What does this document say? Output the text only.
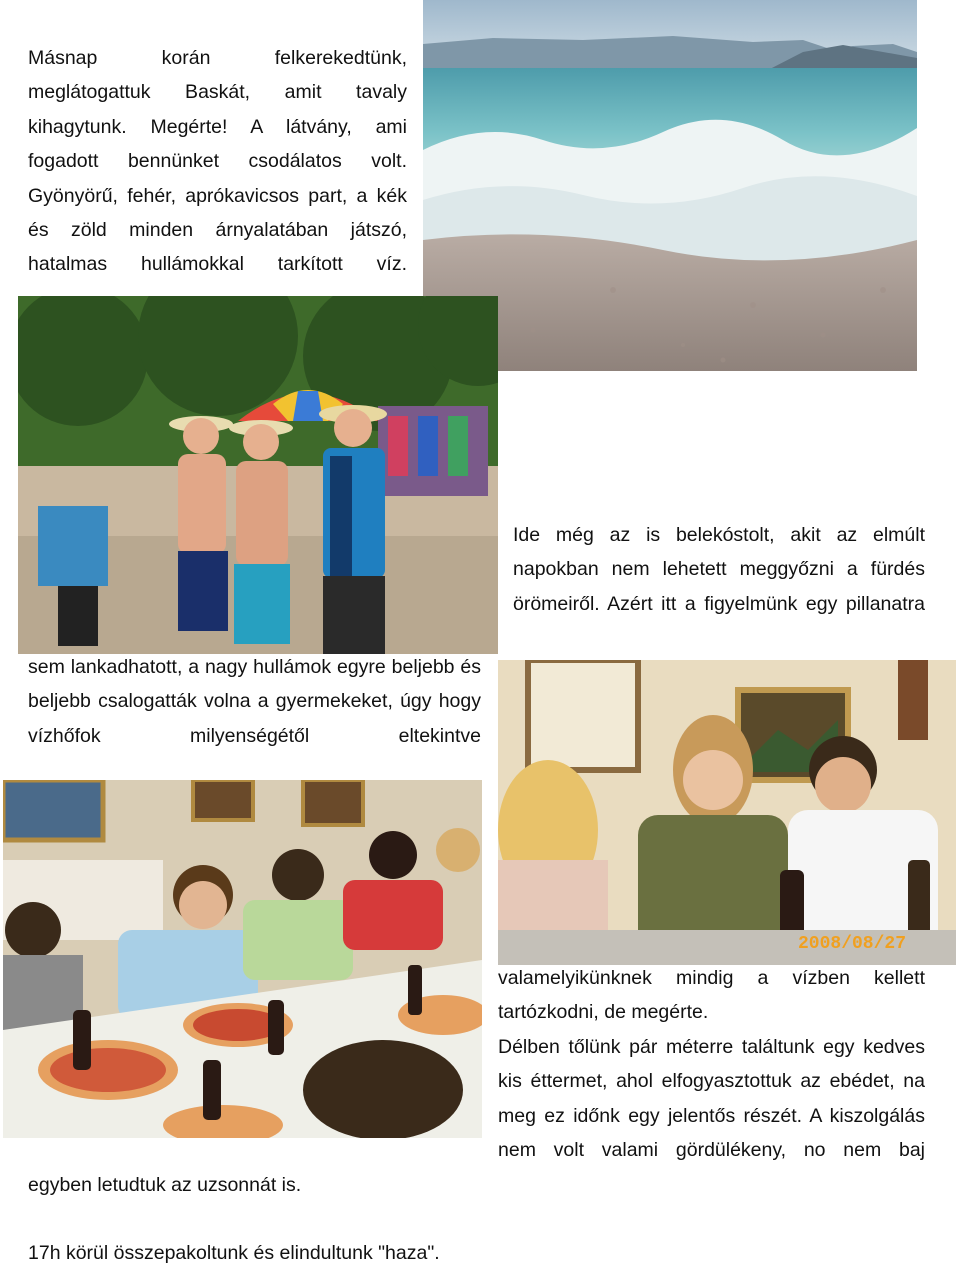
Másnap korán felkerekedtünk, meglátogattuk Baskát, amit tavaly kihagytunk. Megérte! A látvány, ami fogadott bennünket csodálatos volt. Gyönyörű, fehér, aprókavicsos part, a kék és zöld minden árnyalatában játszó, hatalmas hullámokkal tarkított víz.

Ide még az is belekóstolt, akit az elmúlt napokban nem lehetett meggyőzni a fürdés örömeiről. Azért itt a figyelmünk egy pillanatra

sem lankadhatott, a nagy hullámok egyre beljebb és beljebb csalogatták volna a gyermekeket, úgy hogy vízhőfok milyenségétől eltekintve

valamelyikünknek mindig a vízben kellett tartózkodni, de megérte.

Délben tőlünk pár méterre találtunk egy kedves kis éttermet, ahol elfogyasztottuk az ebédet, na meg ez időnk egy jelentős részét. A kiszolgálás nem volt valami gördülékeny, no nem baj

egyben letudtuk az uzsonnát is.

17h körül összepakoltunk és elindultunk "haza".

2008/08/27
